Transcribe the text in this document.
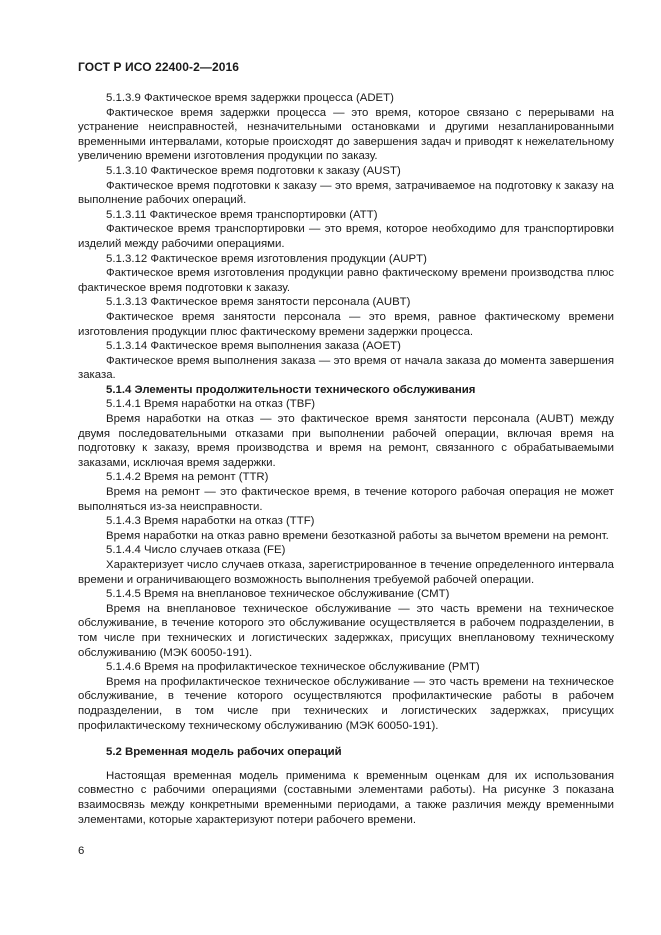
ГОСТ Р ИСО 22400-2—2016

5.1.3.9 Фактическое время задержки процесса (ADET)

Фактическое время задержки процесса — это время, которое связано с перерывами на устранение неисправностей, незначительными остановками и другими незапланированными временными интервалами, которые происходят до завершения задач и приводят к нежелательному увеличению времени изготовления продукции по заказу.

5.1.3.10 Фактическое время подготовки к заказу (AUST)

Фактическое время подготовки к заказу — это время, затрачиваемое на подготовку к заказу на выполнение рабочих операций.

5.1.3.11 Фактическое время транспортировки (ATT)

Фактическое время транспортировки — это время, которое необходимо для транспортировки изделий между рабочими операциями.

5.1.3.12 Фактическое время изготовления продукции (AUPT)

Фактическое время изготовления продукции равно фактическому времени производства плюс фактическое время подготовки к заказу.

5.1.3.13 Фактическое время занятости персонала (AUBT)

Фактическое время занятости персонала — это время, равное фактическому времени изготовления продукции плюс фактическому времени задержки процесса.

5.1.3.14 Фактическое время выполнения заказа (AOET)

Фактическое время выполнения заказа — это время от начала заказа до момента завершения заказа.

5.1.4 Элементы продолжительности технического обслуживания

5.1.4.1 Время наработки на отказ (TBF)

Время наработки на отказ — это фактическое время занятости персонала (AUBT) между двумя последовательными отказами при выполнении рабочей операции, включая время на подготовку к заказу, время производства и время на ремонт, связанного с обрабатываемыми заказами, исключая время задержки.

5.1.4.2 Время на ремонт (TTR)

Время на ремонт — это фактическое время, в течение которого рабочая операция не может выполняться из-за неисправности.

5.1.4.3 Время наработки на отказ (TTF)

Время наработки на отказ равно времени безотказной работы за вычетом времени на ремонт.

5.1.4.4 Число случаев отказа (FE)

Характеризует число случаев отказа, зарегистрированное в течение определенного интервала времени и ограничивающего возможность выполнения требуемой рабочей операции.

5.1.4.5 Время на внеплановое техническое обслуживание (CMT)

Время на внеплановое техническое обслуживание — это часть времени на техническое обслуживание, в течение которого это обслуживание осуществляется в рабочем подразделении, в том числе при технических и логистических задержках, присущих внеплановому техническому обслуживанию (МЭК 60050-191).

5.1.4.6 Время на профилактическое техническое обслуживание (PMT)

Время на профилактическое техническое обслуживание — это часть времени на техническое обслуживание, в течение которого осуществляются профилактические работы в рабочем подразделении, в том числе при технических и логистических задержках, присущих профилактическому техническому обслуживанию (МЭК 60050-191).

5.2 Временная модель рабочих операций

Настоящая временная модель применима к временным оценкам для их использования совместно с рабочими операциями (составными элементами работы). На рисунке 3 показана взаимосвязь между конкретными временными периодами, а также различия между временными элементами, которые характеризуют потери рабочего времени.

6
